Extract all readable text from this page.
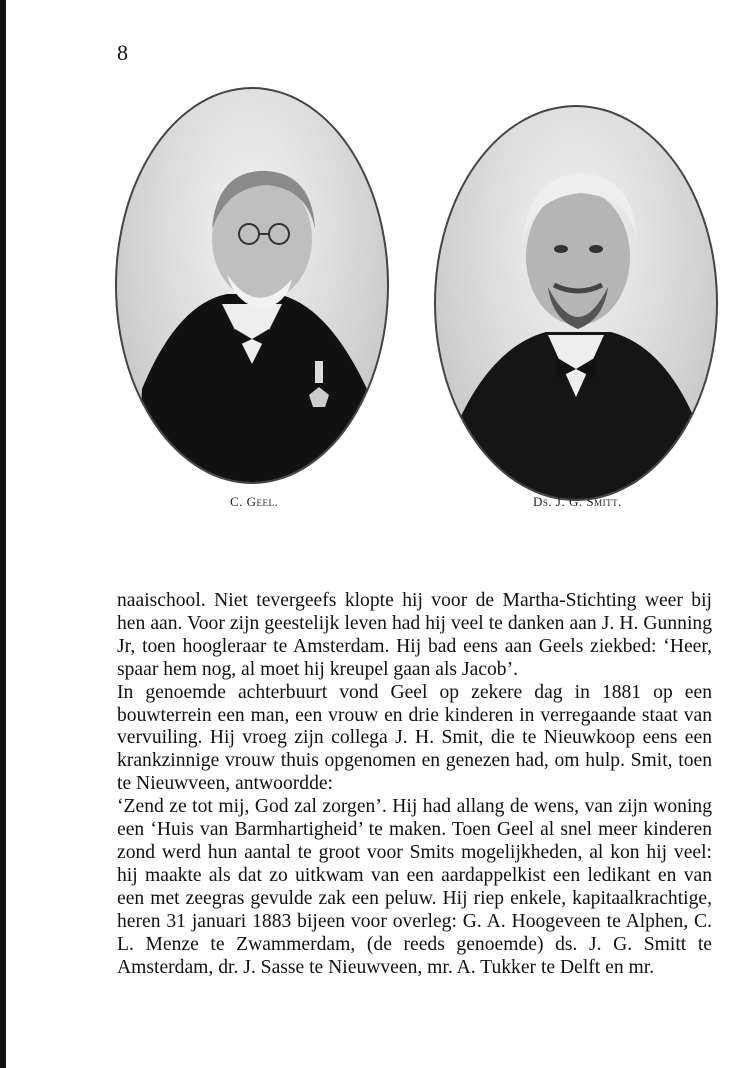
8
C. Geel.	Ds. J. G. Smitt.

naaischool. Niet tevergeefs klopte hij voor de Martha-Stichting weer bij hen aan. Voor zijn geestelijk leven had hij veel te danken aan J. H. Gunning Jr, toen hoogleraar te Amsterdam. Hij bad eens aan Geels ziekbed: ‘Heer, spaar hem nog, al moet hij kreupel gaan als Jacob’.

In genoemde achterbuurt vond Geel op zekere dag in 1881 op een bouwterrein een man, een vrouw en drie kinderen in verregaande staat van vervuiling. Hij vroeg zijn collega J. H. Smit, die te Nieuwkoop eens een krankzinnige vrouw thuis opgenomen en genezen had, om hulp. Smit, toen te Nieuwveen, antwoordde:

‘Zend ze tot mij, God zal zorgen’. Hij had allang de wens, van zijn woning een ‘Huis van Barmhartigheid’ te maken. Toen Geel al snel meer kinderen zond werd hun aantal te groot voor Smits mogelijkheden, al kon hij veel: hij maakte als dat zo uitkwam van een aardappelkist een ledikant en van een met zeegras gevulde zak een peluw. Hij riep enkele, kapitaalkrachtige, heren 31 januari 1883 bijeen voor overleg: G. A. Hoogeveen te Alphen, C. L. Menze te Zwammerdam, (de reeds genoemde) ds. J. G. Smitt te Amsterdam, dr. J. Sasse te Nieuwveen, mr. A. Tukker te Delft en mr.
